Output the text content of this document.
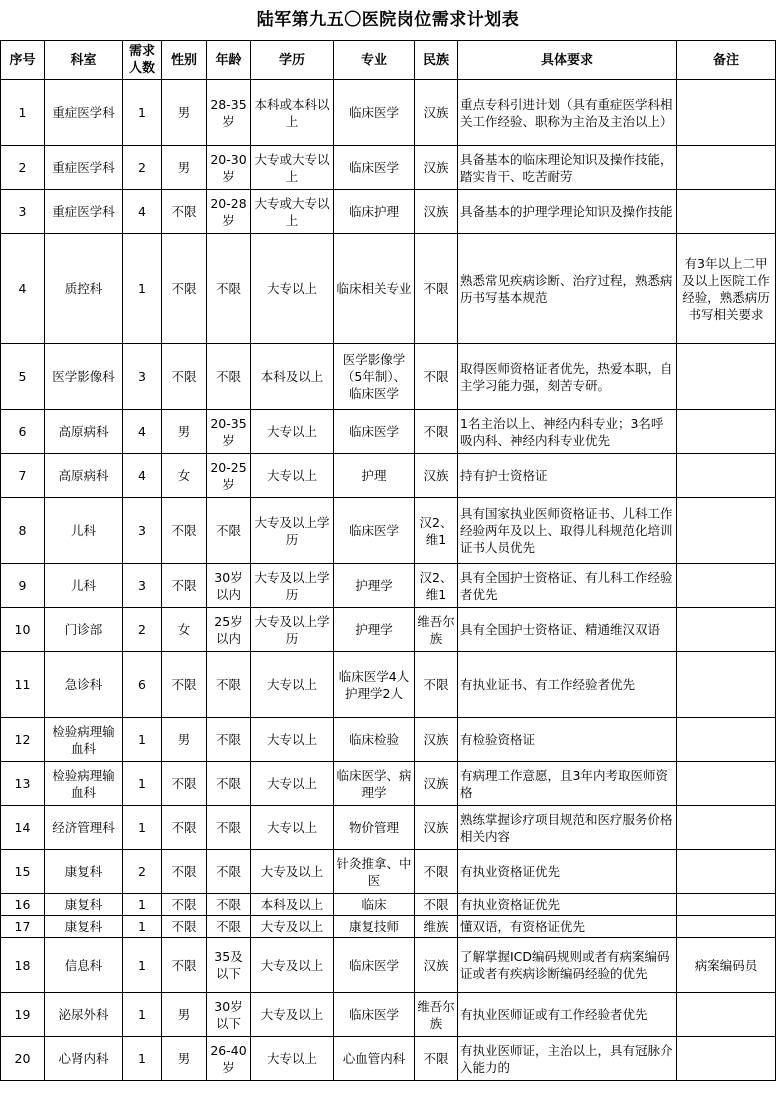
陆军第九五〇医院岗位需求计划表
序号	科室	需求人数	性别	年龄	学历	专业	民族	具体要求	备注
1	重症医学科	1	男	28-35岁	本科或本科以上	临床医学	汉族	重点专科引进计划（具有重症医学科相关工作经验、职称为主治及主治以上）	
2	重症医学科	2	男	20-30岁	大专或大专以上	临床医学	汉族	具备基本的临床理论知识及操作技能，踏实肯干、吃苦耐劳	
3	重症医学科	4	不限	20-28岁	大专或大专以上	临床护理	汉族	具备基本的护理学理论知识及操作技能	
4	质控科	1	不限	不限	大专以上	临床相关专业	不限	熟悉常见疾病诊断、治疗过程，熟悉病历书写基本规范	有3年以上二甲及以上医院工作经验，熟悉病历书写相关要求
5	医学影像科	3	不限	不限	本科及以上	医学影像学（5年制）、临床医学	不限	取得医师资格证者优先，热爱本职，自主学习能力强，刻苦专研。	
6	高原病科	4	男	20-35岁	大专以上	临床医学	不限	1名主治以上、神经内科专业；3名呼吸内科、神经内科专业优先	
7	高原病科	4	女	20-25岁	大专以上	护理	汉族	持有护士资格证	
8	儿科	3	不限	不限	大专及以上学历	临床医学	汉2、维1	具有国家执业医师资格证书、儿科工作经验两年及以上、取得儿科规范化培训证书人员优先	
9	儿科	3	不限	30岁以内	大专及以上学历	护理学	汉2、维1	具有全国护士资格证、有儿科工作经验者优先	
10	门诊部	2	女	25岁以内	大专及以上学历	护理学	维吾尔族	具有全国护士资格证、精通维汉双语	
11	急诊科	6	不限	不限	大专以上	临床医学4人 护理学2人	不限	有执业证书、有工作经验者优先	
12	检验病理输血科	1	男	不限	大专以上	临床检验	汉族	有检验资格证	
13	检验病理输血科	1	不限	不限	大专以上	临床医学、病理学	汉族	有病理工作意愿，且3年内考取医师资格	
14	经济管理科	1	不限	不限	大专以上	物价管理	汉族	熟练掌握诊疗项目规范和医疗服务价格相关内容	
15	康复科	2	不限	不限	大专及以上	针灸推拿、中医	不限	有执业资格证优先	
16	康复科	1	不限	不限	本科及以上	临床	不限	有执业资格证优先	
17	康复科	1	不限	不限	大专及以上	康复技师	维族	懂双语，有资格证优先	
18	信息科	1	不限	35及以下	大专及以上	临床医学	汉族	了解掌握ICD编码规则或者有病案编码证或者有疾病诊断编码经验的优先	病案编码员
19	泌尿外科	1	男	30岁以下	大专及以上	临床医学	维吾尔族	有执业医师证或有工作经验者优先	
20	心肾内科	1	男	26-40岁	大专以上	心血管内科	不限	有执业医师证，主治以上，具有冠脉介入能力的	
